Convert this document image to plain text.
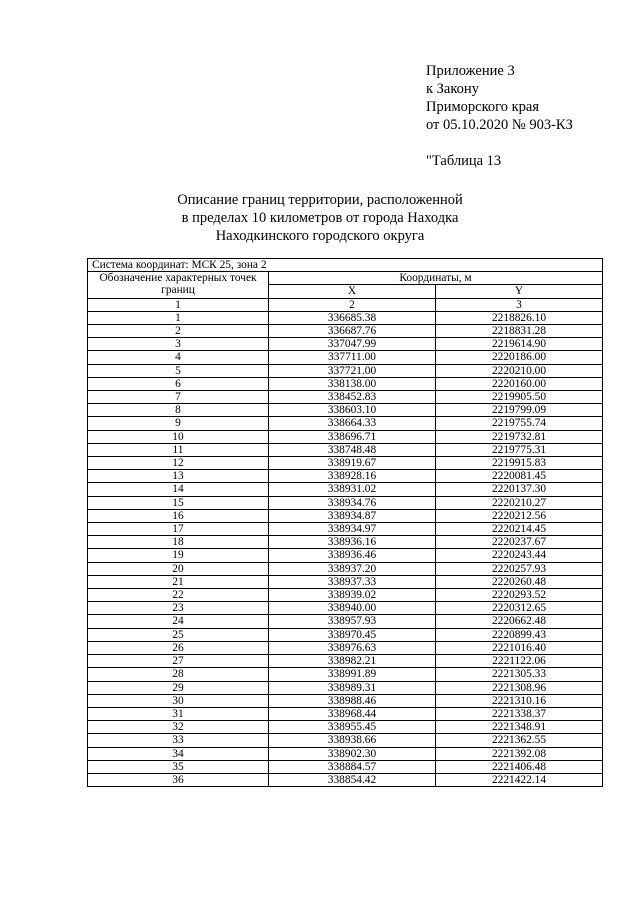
Приложение 3
к Закону
Приморского края
от 05.10.2020 № 903-КЗ
"Таблица 13
Описание границ территории, расположенной
в пределах 10 километров от города Находка
Находкинского городского округа
Система координат: МСК 25, зона 2		
Обозначение характерных точек границ	Координаты, м	
	X	Y
1	2	3
1	336685.38	2218826.10
2	336687.76	2218831.28
3	337047.99	2219614.90
4	337711.00	2220186.00
5	337721.00	2220210.00
6	338138.00	2220160.00
7	338452.83	2219905.50
8	338603.10	2219799.09
9	338664.33	2219755.74
10	338696.71	2219732.81
11	338748.48	2219775.31
12	338919.67	2219915.83
13	338928.16	2220081.45
14	338931.02	2220137.30
15	338934.76	2220210.27
16	338934.87	2220212.56
17	338934.97	2220214.45
18	338936.16	2220237.67
19	338936.46	2220243.44
20	338937.20	2220257.93
21	338937.33	2220260.48
22	338939.02	2220293.52
23	338940.00	2220312.65
24	338957.93	2220662.48
25	338970.45	2220899.43
26	338976.63	2221016.40
27	338982.21	2221122.06
28	338991.89	2221305.33
29	338989.31	2221308.96
30	338988.46	2221310.16
31	338968.44	2221338.37
32	338955.45	2221348.91
33	338938.66	2221362.55
34	338902.30	2221392.08
35	338884.57	2221406.48
36	338854.42	2221422.14
